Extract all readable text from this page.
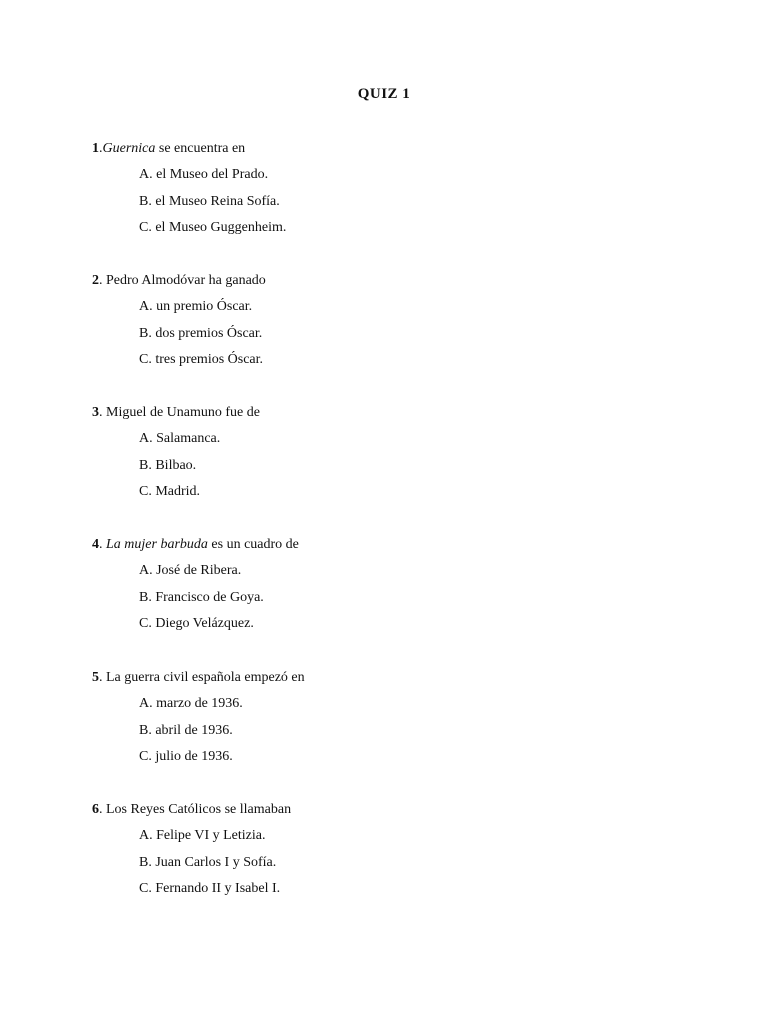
QUIZ 1
1.Guernica se encuentra en
A. el Museo del Prado.
B. el Museo Reina Sofía.
C. el Museo Guggenheim.
2. Pedro Almodóvar ha ganado
A. un premio Óscar.
B. dos premios Óscar.
C. tres premios Óscar.
3. Miguel de Unamuno fue de
A. Salamanca.
B. Bilbao.
C. Madrid.
4. La mujer barbuda es un cuadro de
A. José de Ribera.
B. Francisco de Goya.
C. Diego Velázquez.
5. La guerra civil española empezó en
A. marzo de 1936.
B. abril de 1936.
C. julio de 1936.
6. Los Reyes Católicos se llamaban
A. Felipe VI y Letizia.
B. Juan Carlos I y Sofía.
C. Fernando II y Isabel I.
